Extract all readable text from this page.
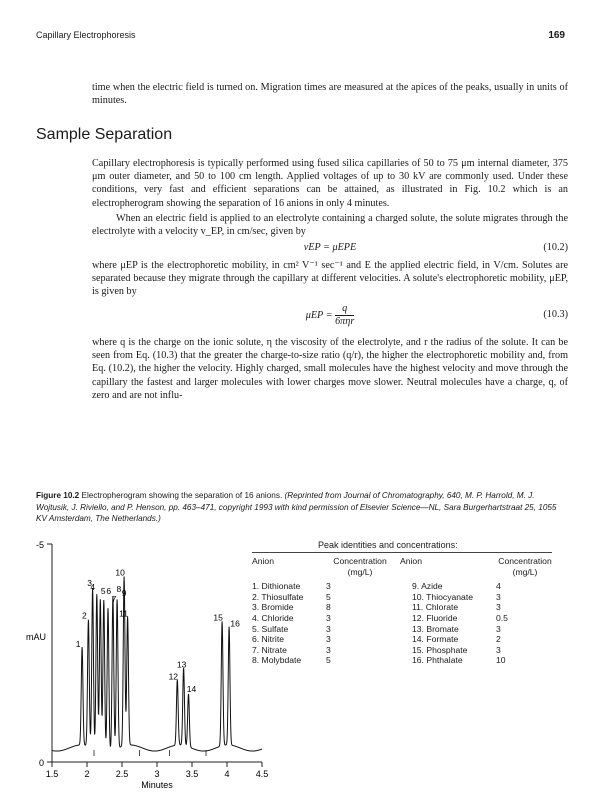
Capillary Electrophoresis	169

time when the electric field is turned on. Migration times are measured at the apices of the peaks, usually in units of minutes.

Sample Separation

Capillary electrophoresis is typically performed using fused silica capillaries of 50 to 75 μm internal diameter, 375 μm outer diameter, and 50 to 100 cm length. Applied voltages of up to 30 kV are commonly used. Under these conditions, very fast and efficient separations can be attained, as illustrated in Fig. 10.2 which is an electropherogram showing the separation of 16 anions in only 4 minutes.

When an electric field is applied to an electrolyte containing a charged solute, the solute migrates through the electrolyte with a velocity v_EP, in cm/sec, given by

vEP = μEPE	(10.2)

where μEP is the electrophoretic mobility, in cm² V⁻¹ sec⁻¹ and E the applied electric field, in V/cm. Solutes are separated because they migrate through the capillary at different velocities. A solute's electrophoretic mobility, μEP, is given by

$\mu EP = \frac{q}{\text{6πηr}}$	(10.3)

where q is the charge on the ionic solute, η the viscosity of the electrolyte, and r the radius of the solute. It can be seen from Eq. (10.3) that the greater the charge-to-size ratio (q/r), the higher the electrophoretic mobility and, from Eq. (10.2), the higher the velocity. Highly charged, small molecules have the highest velocity and move through the capillary the fastest and larger molecules with lower charges move slower. Neutral molecules have a charge, q, of zero and are not influ-

Figure 10.2 Electropherogram showing the separation of 16 anions. (Reprinted from Journal of Chromatography, 640, M. P. Harrold, M. J. Wojtusik, J. Riviello, and P. Henson, pp. 463–471, copyright 1993 with kind permission of Elsevier Science—NL, Sara Burgerhartstraat 25, 1055 KV Amsterdam, The Netherlands.)
-5
0
mAU
Minutes
1.5	2	2.5	3	3.5	4	4.5
1
2
3
4 5 6
7
8 9
10
11
12
13
14
15
16
Peak identities and concentrations:
Anion	Concentration	Anion	Concentration
	(mg/L)		(mg/L)

1. Dithionate	3	9. Azide	4
2. Thiosulfate	5	10. Thiocyanate	3
3. Bromide	8	11. Chlorate	3
4. Chloride	3	12. Fluoride	0.5
5. Sulfate	3	13. Bromate	3
6. Nitrite	3	14. Formate	2
7. Nitrate	3	15. Phosphate	3
8. Molybdate	5	16. Phthalate	10
